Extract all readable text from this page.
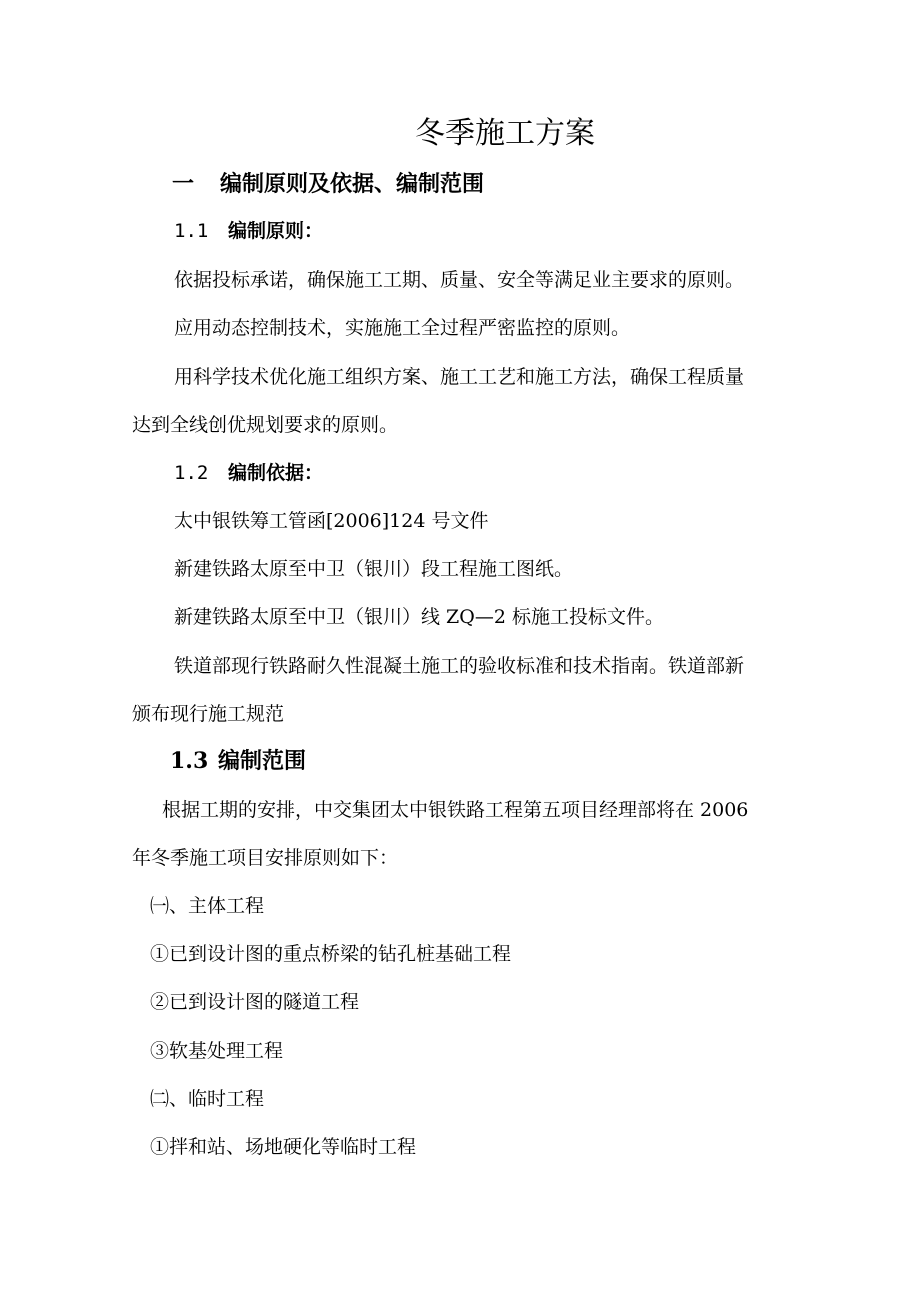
冬季施工方案
一 编制原则及依据、编制范围
1.1 编制原则：
依据投标承诺，确保施工工期、质量、安全等满足业主要求的原则。
应用动态控制技术，实施施工全过程严密监控的原则。
用科学技术优化施工组织方案、施工工艺和施工方法，确保工程质量
达到全线创优规划要求的原则。
1.2 编制依据：
太中银铁筹工管函[2006]124 号文件
新建铁路太原至中卫（银川）段工程施工图纸。
新建铁路太原至中卫（银川）线 ZQ—2 标施工投标文件。
铁道部现行铁路耐久性混凝土施工的验收标准和技术指南。铁道部新
颁布现行施工规范
1.3 编制范围
根据工期的安排，中交集团太中银铁路工程第五项目经理部将在 2006
年冬季施工项目安排原则如下：
㈠、主体工程
①已到设计图的重点桥梁的钻孔桩基础工程
②已到设计图的隧道工程
③软基处理工程
㈡、临时工程
①拌和站、场地硬化等临时工程
